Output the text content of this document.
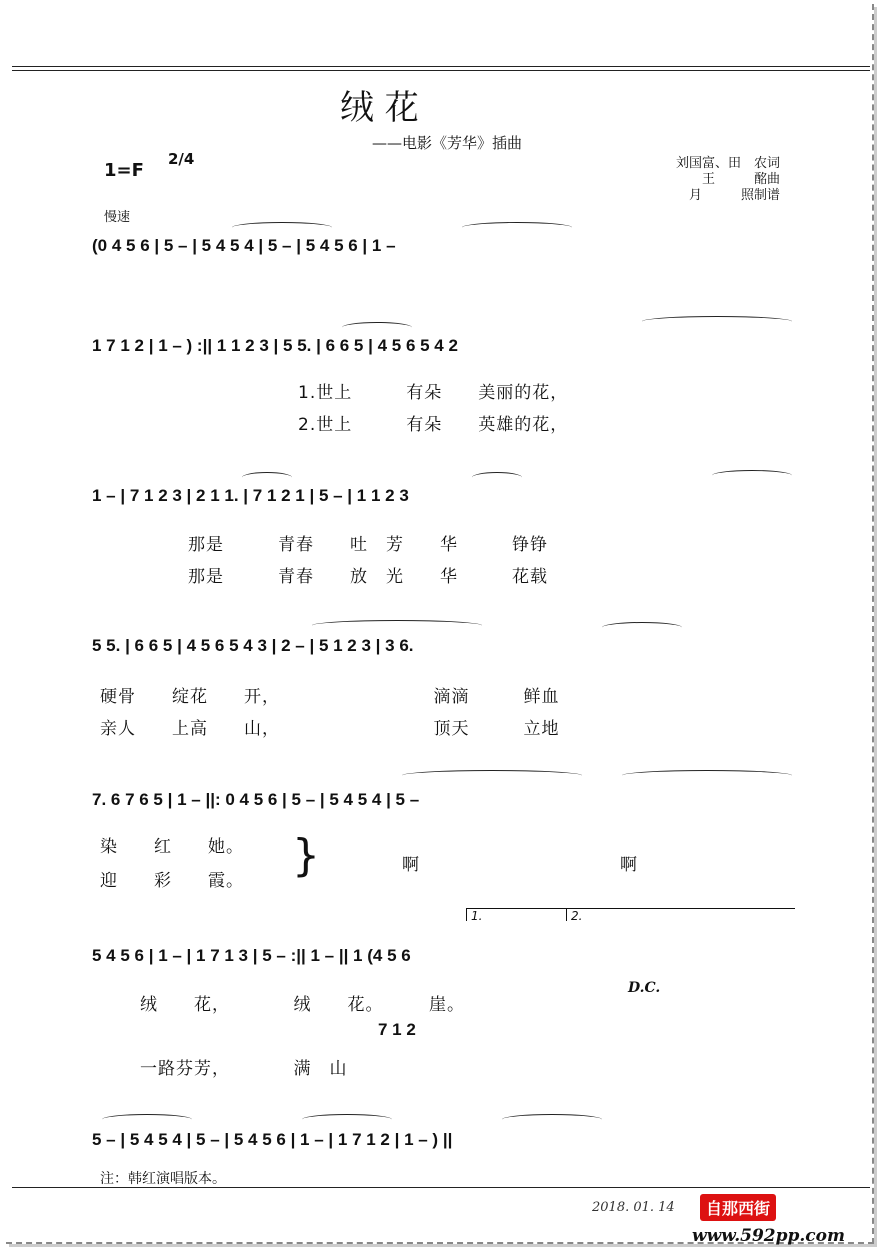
绒 花
——电影《芳华》插曲
刘国富、田　农词
王　　　酩曲
月　　　照制谱
1=F
2/4
慢速
(0 4 5 6 | 5 – | 5 4 5 4 | 5 – | 5 4 5 6 | 1 –
1 7 1 2 | 1 – ) :|| 1 1 2 3 | 5 5. | 6 6 5 | 4 5 6 5 4 2
1.世上　　　有朵　　美丽的花，
2.世上　　　有朵　　英雄的花，
1 – | 7 1 2 3 | 2 1 1. | 7 1 2 1 | 5 – | 1 1 2 3
那是　　　青春　　吐　芳　　华　　　铮铮
那是　　　青春　　放　光　　华　　　花载
5 5. | 6 6 5 | 4 5 6 5 4 3 | 2 – | 5 1 2 3 | 3 6.
硬骨　　绽花　　开，　　　　　　　　　滴滴　　　鲜血
亲人　　上高　　山，　　　　　　　　　顶天　　　立地
7. 6 7 6 5 | 1 – ||: 0 4 5 6 | 5 – | 5 4 5 4 | 5 –
染　　红　　她。
迎　　彩　　霞。	}	啊	啊
1.	2.
5 4 5 6 | 1 – | 1 7 1 3 | 5 – :|| 1 – || 1 (4 5 6
绒　　花，　　　　绒　　花。　　　崖。
D.C.
7 1 2
一路芬芳，　　　　满　山
5 – | 5 4 5 4 | 5 – | 5 4 5 6 | 1 – | 1 7 1 2 | 1 – ) ||
注：韩红演唱版本。
2018. 01. 14	自那西街
www.592pp.com
